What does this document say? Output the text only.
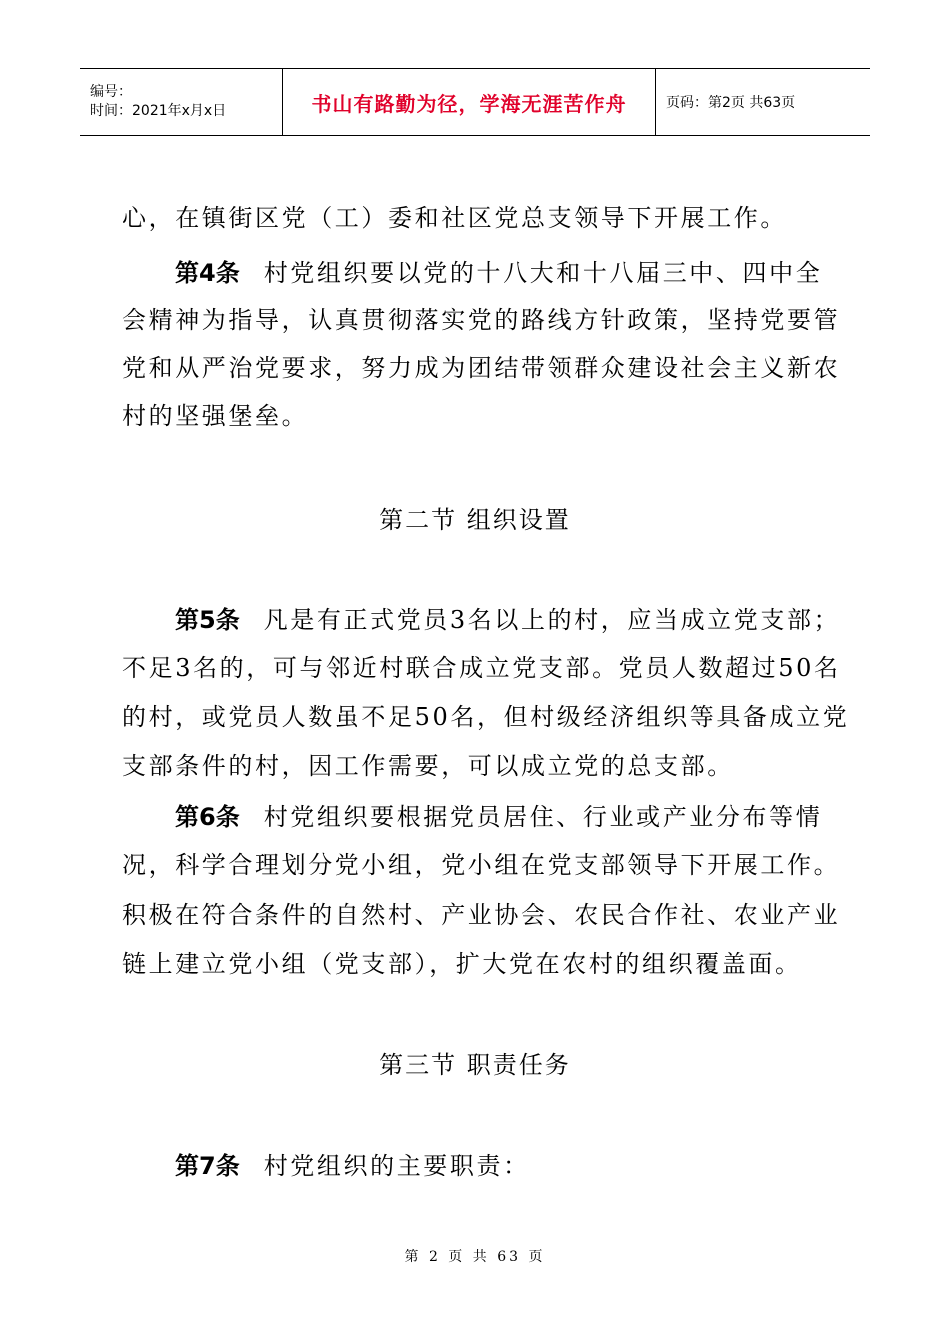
编号：
时间：2021年x月x日	书山有路勤为径，学海无涯苦作舟	页码：第2页 共63页
心，在镇街区党（工）委和社区党总支领导下开展工作。
第4条 村党组织要以党的十八大和十八届三中、四中全
会精神为指导，认真贯彻落实党的路线方针政策，坚持党要管
党和从严治党要求，努力成为团结带领群众建设社会主义新农
村的坚强堡垒。
第二节 组织设置
第5条 凡是有正式党员3名以上的村，应当成立党支部；
不足3名的，可与邻近村联合成立党支部。党员人数超过50名
的村，或党员人数虽不足50名，但村级经济组织等具备成立党
支部条件的村，因工作需要，可以成立党的总支部。
第6条 村党组织要根据党员居住、行业或产业分布等情
况，科学合理划分党小组，党小组在党支部领导下开展工作。
积极在符合条件的自然村、产业协会、农民合作社、农业产业
链上建立党小组（党支部），扩大党在农村的组织覆盖面。
第三节 职责任务
第7条 村党组织的主要职责：
第 2 页 共 63 页
